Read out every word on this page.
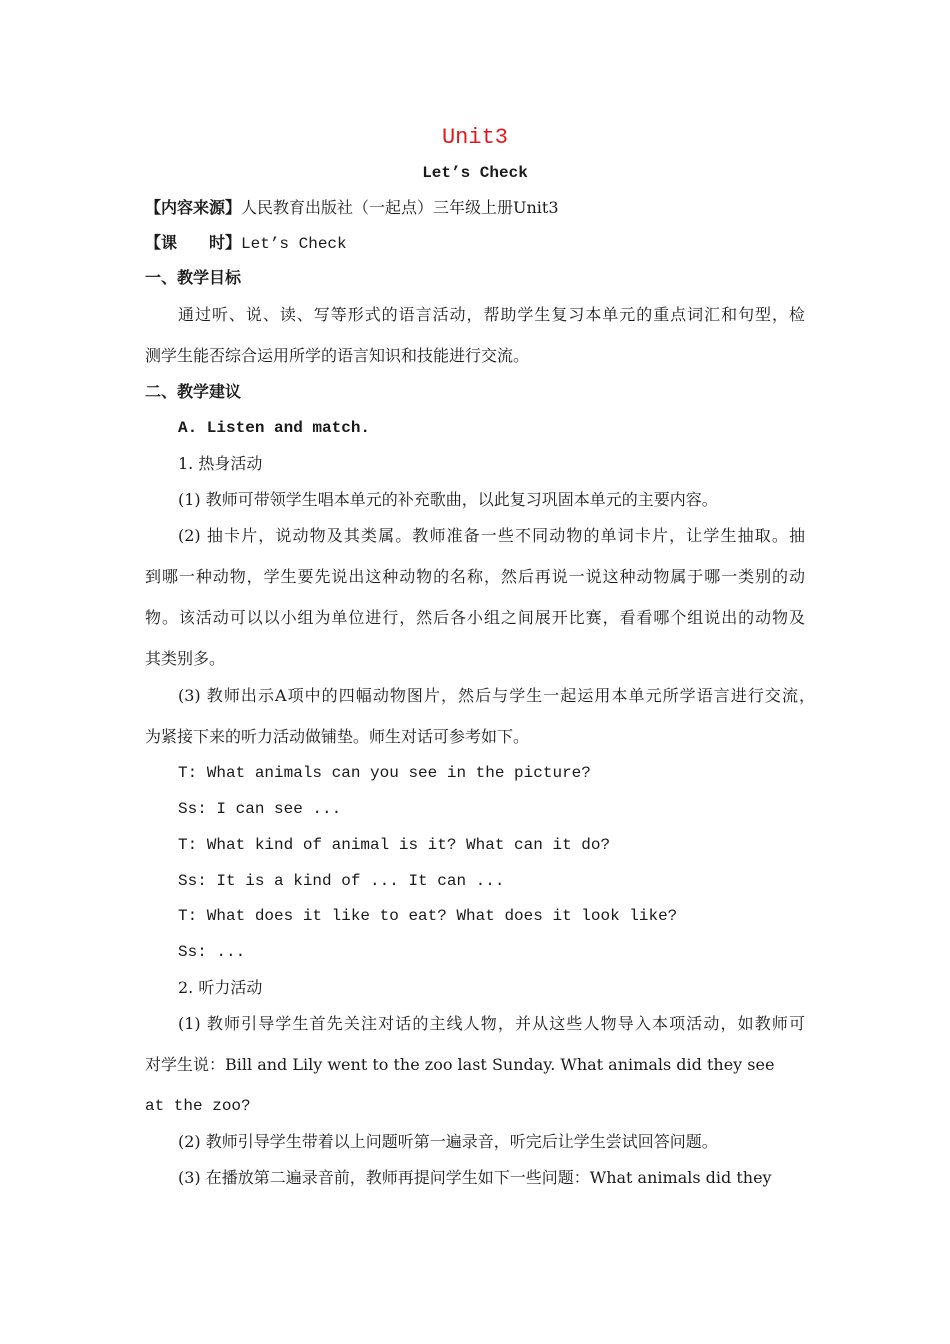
Unit3
Let’s Check
【内容来源】人民教育出版社（一起点）三年级上册Unit3
【课　　时】Let’s Check
一、教学目标
通过听、说、读、写等形式的语言活动，帮助学生复习本单元的重点词汇和句型，检
测学生能否综合运用所学的语言知识和技能进行交流。
二、教学建议
A. Listen and match.
1. 热身活动
(1) 教师可带领学生唱本单元的补充歌曲，以此复习巩固本单元的主要内容。
(2) 抽卡片，说动物及其类属。教师准备一些不同动物的单词卡片，让学生抽取。抽
到哪一种动物，学生要先说出这种动物的名称，然后再说一说这种动物属于哪一类别的动
物。该活动可以以小组为单位进行，然后各小组之间展开比赛，看看哪个组说出的动物及
其类别多。
(3) 教师出示A项中的四幅动物图片，然后与学生一起运用本单元所学语言进行交流，
为紧接下来的听力活动做铺垫。师生对话可参考如下。
T: What animals can you see in the picture?
Ss: I can see ...
T: What kind of animal is it? What can it do?
Ss: It is a kind of ... It can ...
T: What does it like to eat? What does it look like?
Ss: ...
2. 听力活动
(1) 教师引导学生首先关注对话的主线人物，并从这些人物导入本项活动，如教师可
对学生说：Bill and Lily went to the zoo last Sunday. What animals did they see
at the zoo?
(2) 教师引导学生带着以上问题听第一遍录音，听完后让学生尝试回答问题。
(3) 在播放第二遍录音前，教师再提问学生如下一些问题：What animals did they
